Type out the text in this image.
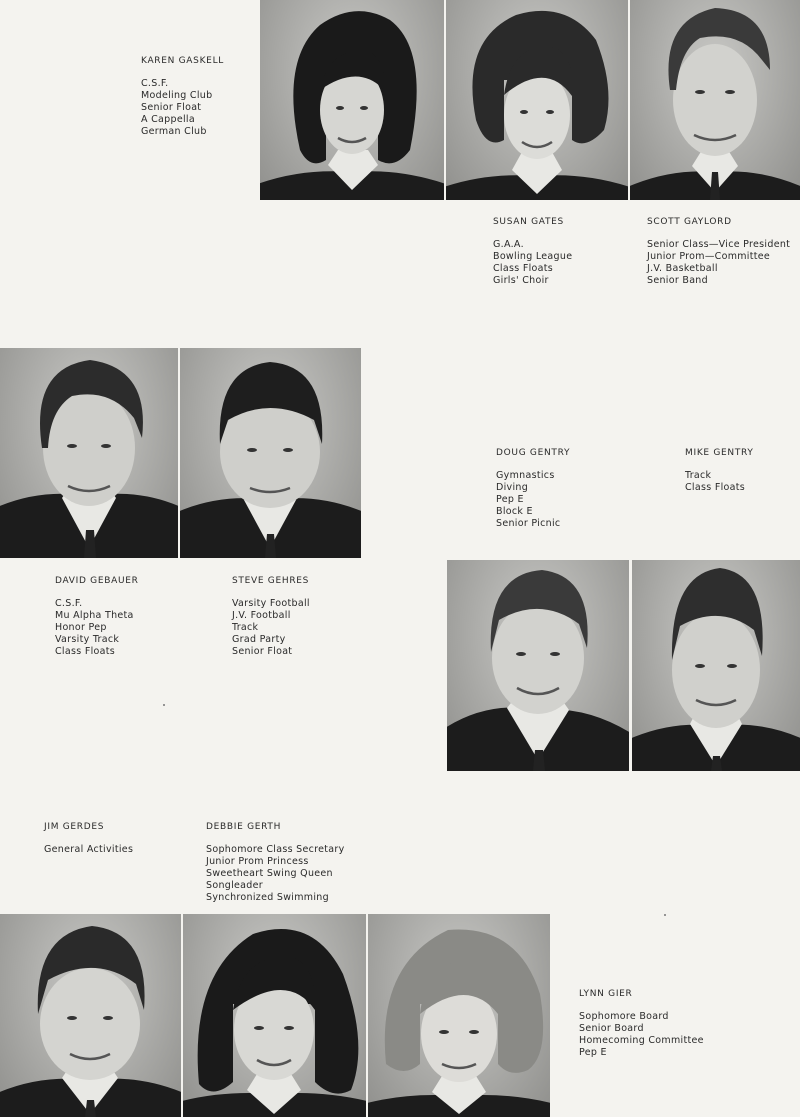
KAREN GASKELL
C.S.F.
Modeling Club
Senior Float
A Cappella
German Club
SUSAN GATES
G.A.A.
Bowling League
Class Floats
Girls' Choir
SCOTT GAYLORD
Senior Class—Vice President
Junior Prom—Committee
J.V. Basketball
Senior Band
DAVID GEBAUER
C.S.F.
Mu Alpha Theta
Honor Pep
Varsity Track
Class Floats
STEVE GEHRES
Varsity Football
J.V. Football
Track
Grad Party
Senior Float
DOUG GENTRY
Gymnastics
Diving
Pep E
Block E
Senior Picnic
MIKE GENTRY
Track
Class Floats
JIM GERDES
General Activities
DEBBIE GERTH
Sophomore Class Secretary
Junior Prom Princess
Sweetheart Swing Queen
Songleader
Synchronized Swimming
LYNN GIER
Sophomore Board
Senior Board
Homecoming Committee
Pep E
